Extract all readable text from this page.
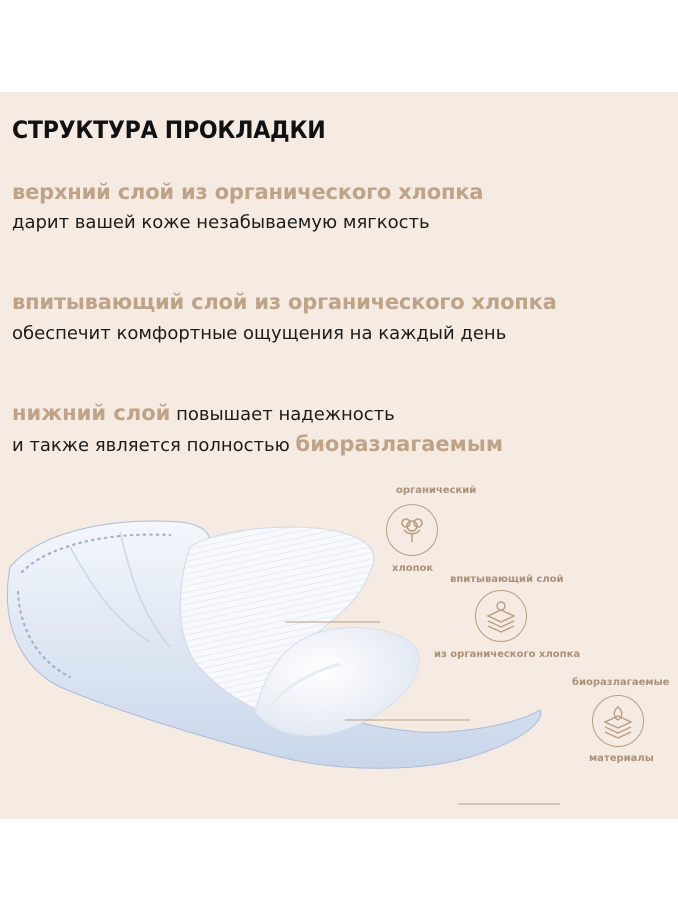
СТРУКТУРА ПРОКЛАДКИ
верхний слой из органического хлопка
дарит вашей коже незабываемую мягкость
впитывающий слой из органического хлопка
обеспечит комфортные ощущения на каждый день
нижний слой повышает надежность
и также является полностью биоразлагаемым
органический
хлопок
впитывающий слой
из органического хлопка
биоразлагаемые
материалы
